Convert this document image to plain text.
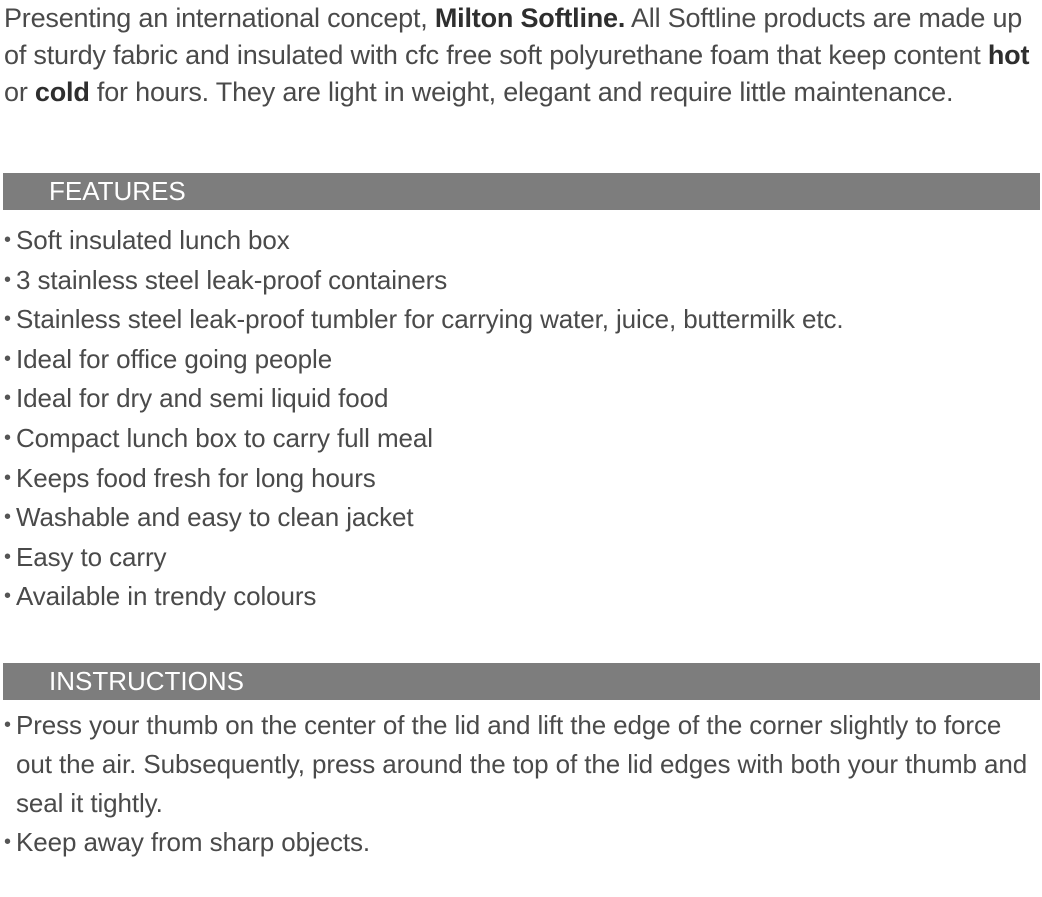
Presenting an international concept, Milton Softline. All Softline products are made up of sturdy fabric and insulated with cfc free soft polyurethane foam that keep content hot or cold for hours. They are light in weight, elegant and require little maintenance.

FEATURES
• Soft insulated lunch box
• 3 stainless steel leak-proof containers
• Stainless steel leak-proof tumbler for carrying water, juice, buttermilk etc.
• Ideal for office going people
• Ideal for dry and semi liquid food
• Compact lunch box to carry full meal
• Keeps food fresh for long hours
• Washable and easy to clean jacket
• Easy to carry
• Available in trendy colours
INSTRUCTIONS
• Press your thumb on the center of the lid and lift the edge of the corner slightly to force out the air. Subsequently, press around the top of the lid edges with both your thumb and seal it tightly.
• Keep away from sharp objects.
